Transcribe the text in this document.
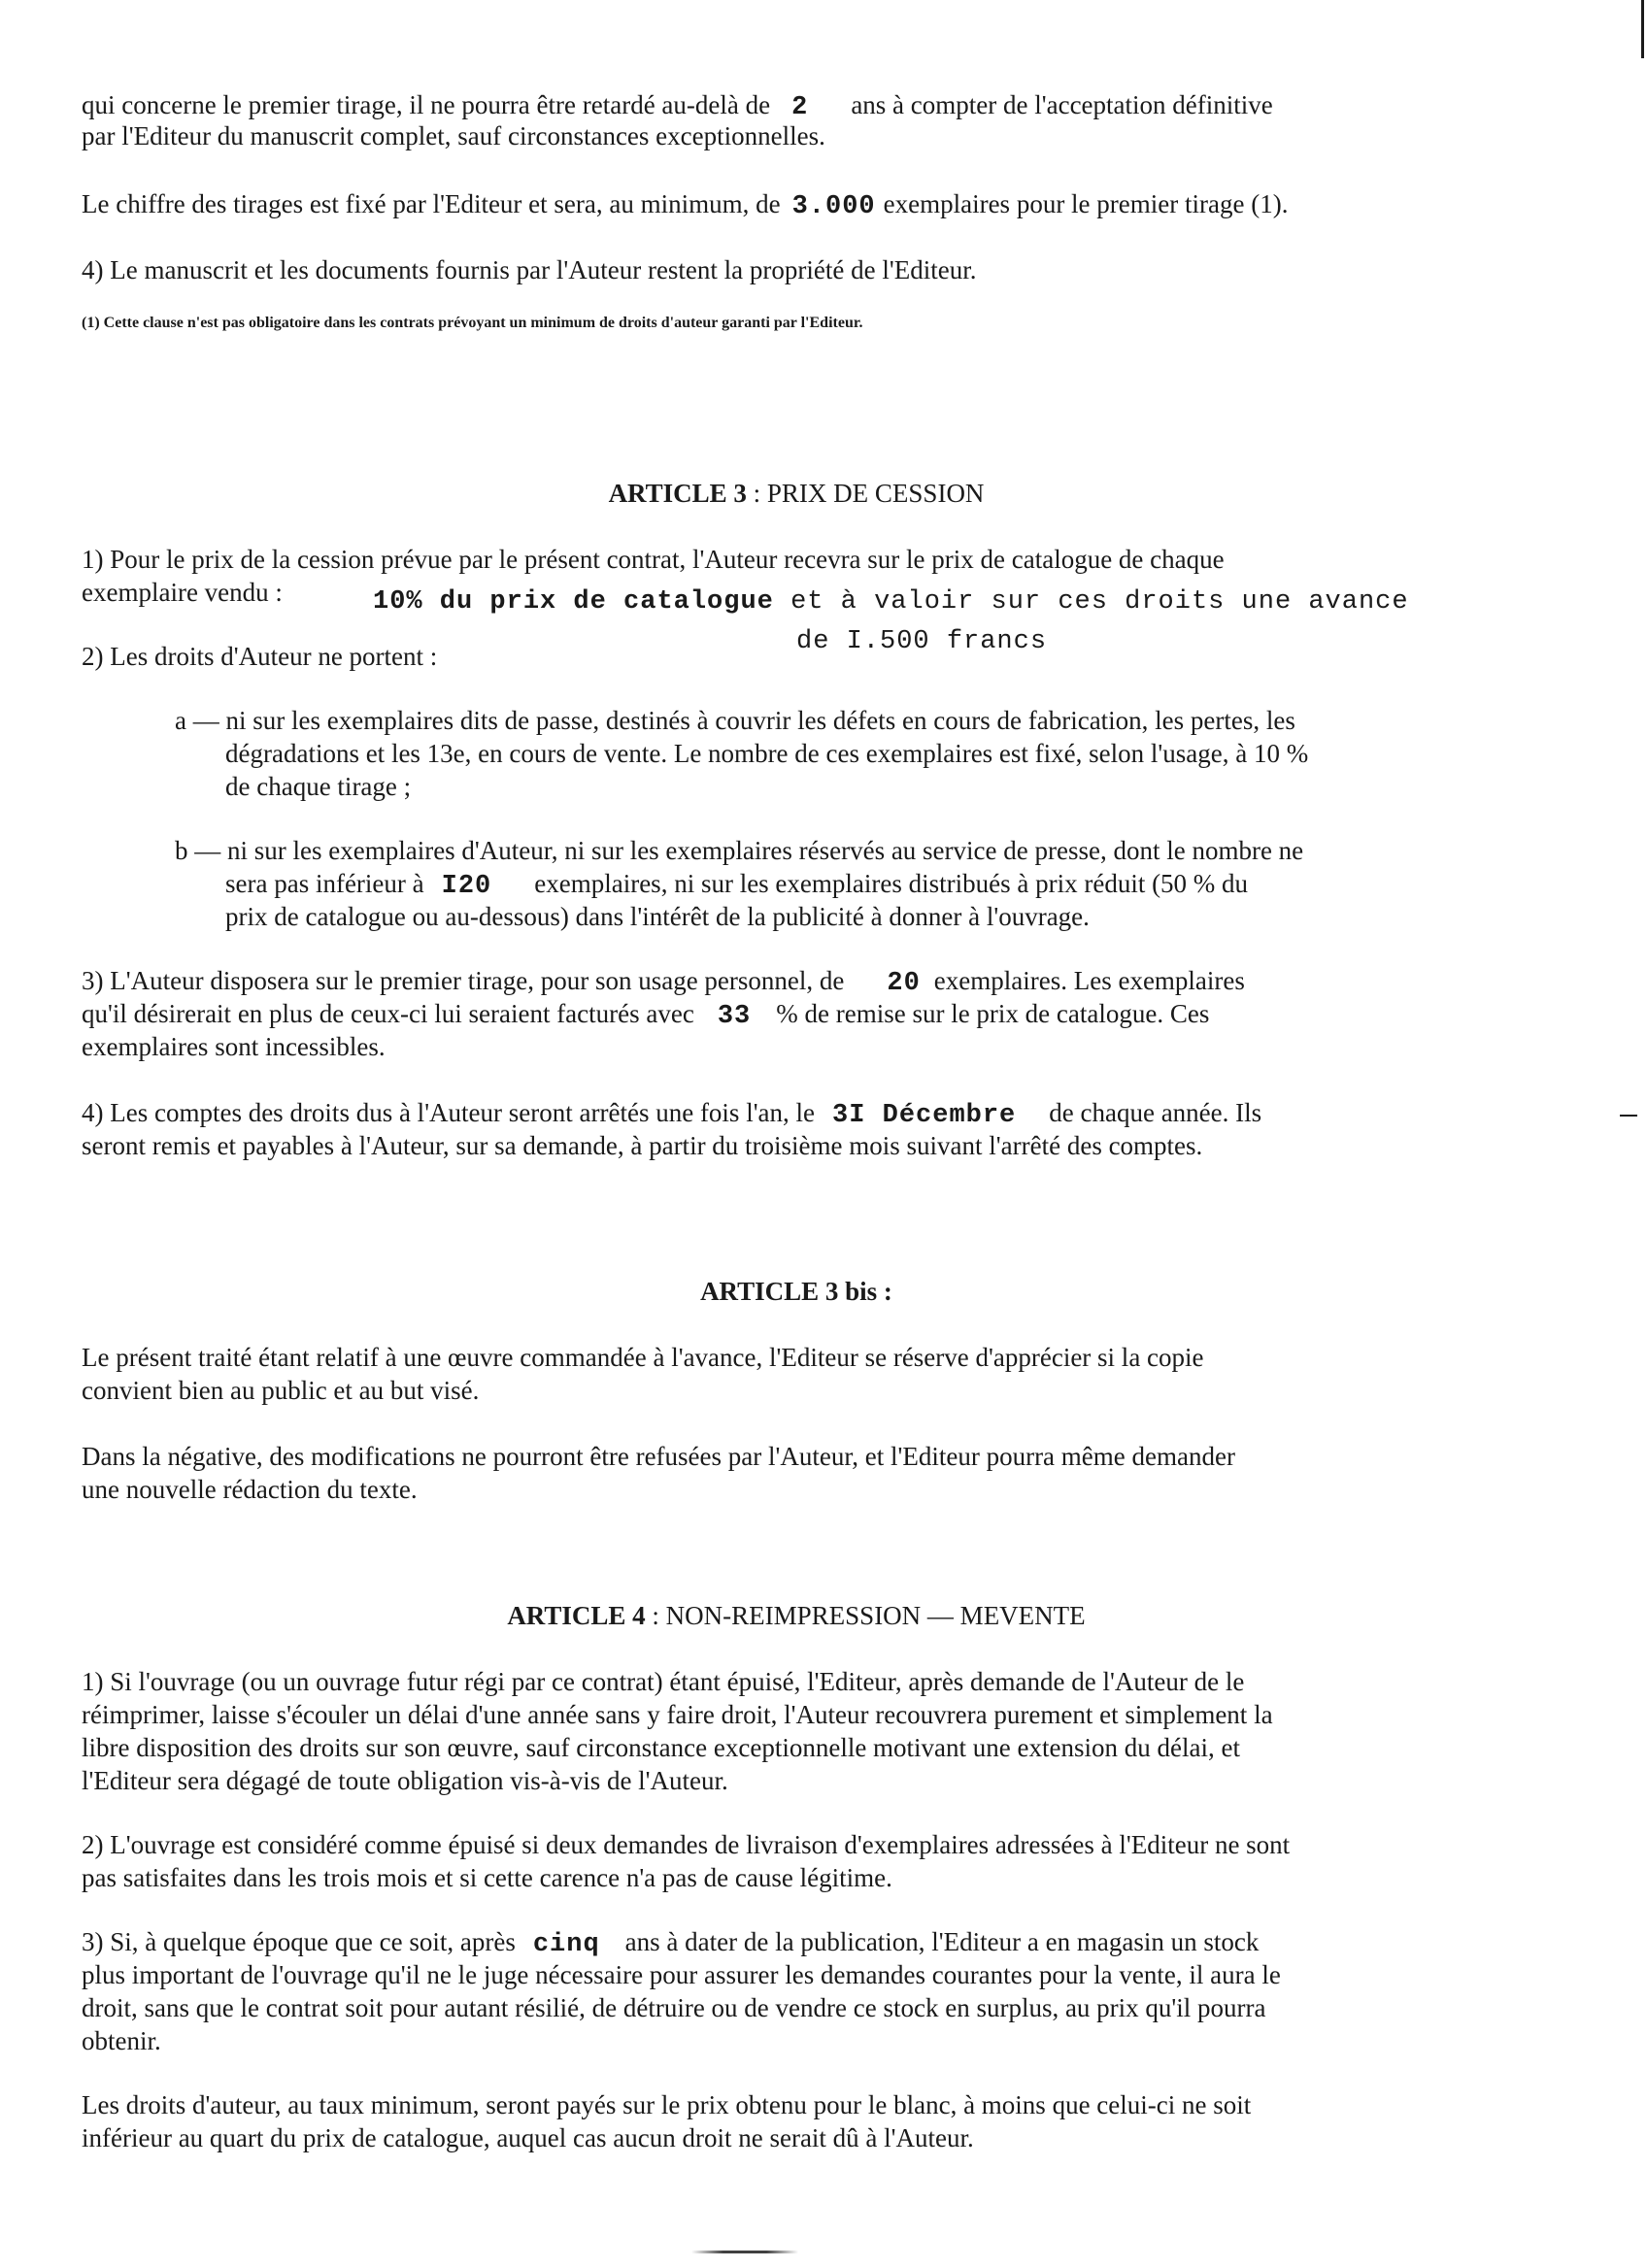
qui concerne le premier tirage, il ne pourra être retardé au-delà de 2 ans à compter de l'acceptation définitive
par l'Editeur du manuscrit complet, sauf circonstances exceptionnelles.
Le chiffre des tirages est fixé par l'Editeur et sera, au minimum, de 3.000 exemplaires pour le premier tirage (1).
4) Le manuscrit et les documents fournis par l'Auteur restent la propriété de l'Editeur.
(1) Cette clause n'est pas obligatoire dans les contrats prévoyant un minimum de droits d'auteur garanti par l'Editeur.
ARTICLE 3 : PRIX DE CESSION
1) Pour le prix de la cession prévue par le présent contrat, l'Auteur recevra sur le prix de catalogue de chaque
exemplaire vendu :	10% du prix de catalogue et à valoir sur ces droits une avance
de I.500 francs
2) Les droits d'Auteur ne portent :
a — ni sur les exemplaires dits de passe, destinés à couvrir les défets en cours de fabrication, les pertes, les
dégradations et les 13e, en cours de vente. Le nombre de ces exemplaires est fixé, selon l'usage, à 10 %
de chaque tirage ;
b — ni sur les exemplaires d'Auteur, ni sur les exemplaires réservés au service de presse, dont le nombre ne
sera pas inférieur à I20 exemplaires, ni sur les exemplaires distribués à prix réduit (50 % du
prix de catalogue ou au-dessous) dans l'intérêt de la publicité à donner à l'ouvrage.
3) L'Auteur disposera sur le premier tirage, pour son usage personnel, de 20 exemplaires. Les exemplaires
qu'il désirerait en plus de ceux-ci lui seraient facturés avec 33 % de remise sur le prix de catalogue. Ces
exemplaires sont incessibles.
4) Les comptes des droits dus à l'Auteur seront arrêtés une fois l'an, le 3I Décembre de chaque année. Ils
seront remis et payables à l'Auteur, sur sa demande, à partir du troisième mois suivant l'arrêté des comptes.
ARTICLE 3 bis :
Le présent traité étant relatif à une œuvre commandée à l'avance, l'Editeur se réserve d'apprécier si la copie
convient bien au public et au but visé.
Dans la négative, des modifications ne pourront être refusées par l'Auteur, et l'Editeur pourra même demander
une nouvelle rédaction du texte.
ARTICLE 4 : NON-REIMPRESSION — MEVENTE
1) Si l'ouvrage (ou un ouvrage futur régi par ce contrat) étant épuisé, l'Editeur, après demande de l'Auteur de le
réimprimer, laisse s'écouler un délai d'une année sans y faire droit, l'Auteur recouvrera purement et simplement la
libre disposition des droits sur son œuvre, sauf circonstance exceptionnelle motivant une extension du délai, et
l'Editeur sera dégagé de toute obligation vis-à-vis de l'Auteur.
2) L'ouvrage est considéré comme épuisé si deux demandes de livraison d'exemplaires adressées à l'Editeur ne sont
pas satisfaites dans les trois mois et si cette carence n'a pas de cause légitime.
3) Si, à quelque époque que ce soit, après cinq ans à dater de la publication, l'Editeur a en magasin un stock
plus important de l'ouvrage qu'il ne le juge nécessaire pour assurer les demandes courantes pour la vente, il aura le
droit, sans que le contrat soit pour autant résilié, de détruire ou de vendre ce stock en surplus, au prix qu'il pourra
obtenir.
Les droits d'auteur, au taux minimum, seront payés sur le prix obtenu pour le blanc, à moins que celui-ci ne soit
inférieur au quart du prix de catalogue, auquel cas aucun droit ne serait dû à l'Auteur.
